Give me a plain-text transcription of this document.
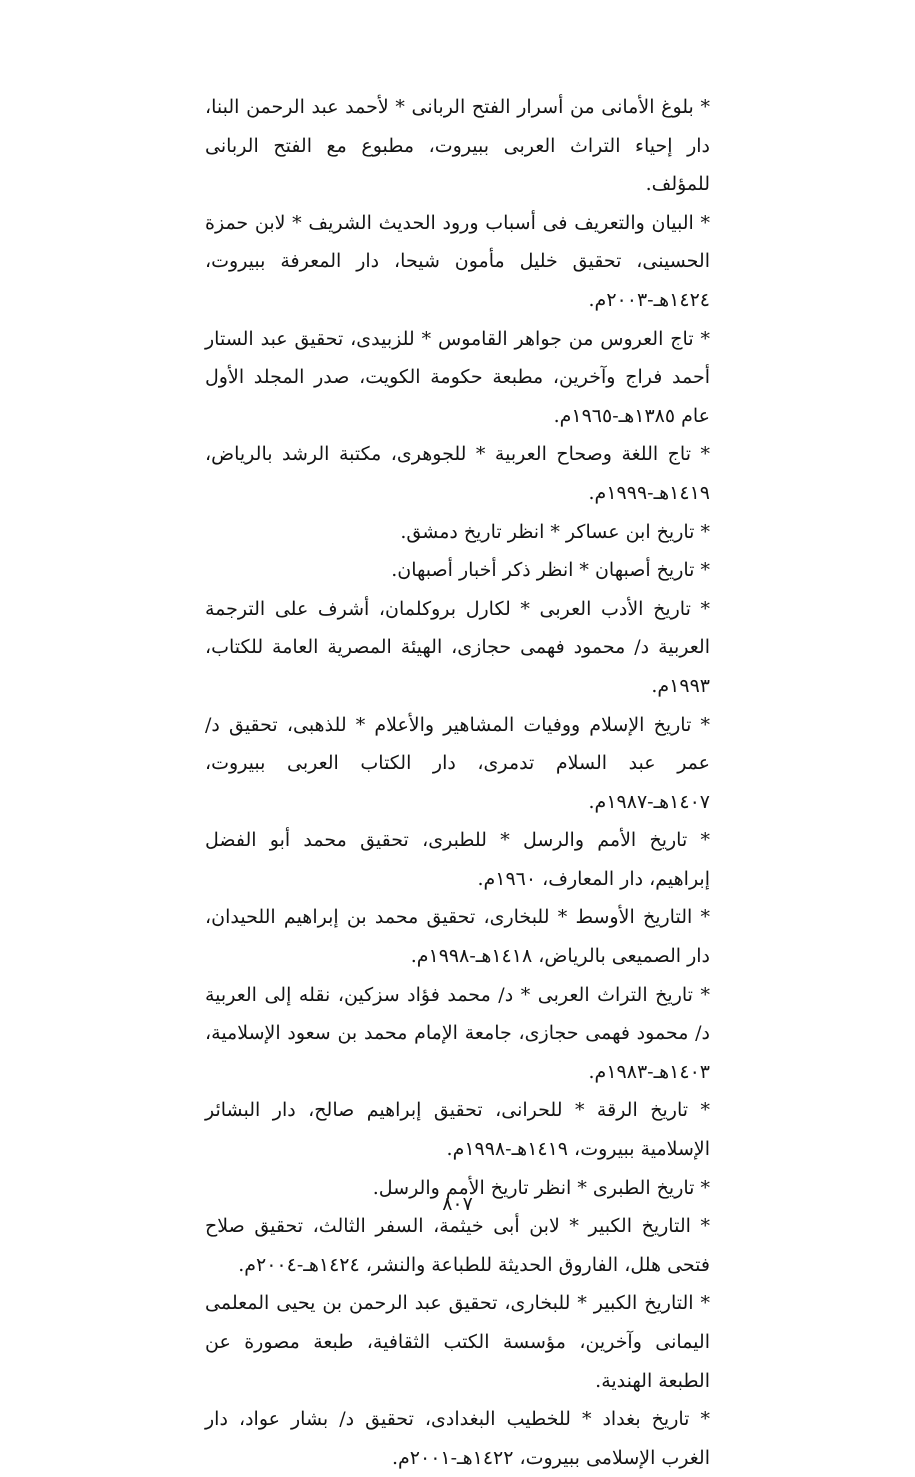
* بلوغ الأمانى من أسرار الفتح الربانى * لأحمد عبد الرحمن البنا، دار إحياء التراث العربى ببيروت، مطبوع مع الفتح الربانى للمؤلف.

* البيان والتعريف فى أسباب ورود الحديث الشريف * لابن حمزة الحسينى، تحقيق خليل مأمون شيحا، دار المعرفة ببيروت، ١٤٢٤هـ-٢٠٠٣م.

* تاج العروس من جواهر القاموس * للزبيدى، تحقيق عبد الستار أحمد فراج وآخرين، مطبعة حكومة الكويت، صدر المجلد الأول عام ١٣٨٥هـ-١٩٦٥م.

* تاج اللغة وصحاح العربية * للجوهرى، مكتبة الرشد بالرياض، ١٤١٩هـ-١٩٩٩م.

* تاريخ ابن عساكر * انظر تاريخ دمشق.

* تاريخ أصبهان * انظر ذكر أخبار أصبهان.

* تاريخ الأدب العربى * لكارل بروكلمان، أشرف على الترجمة العربية د/ محمود فهمى حجازى، الهيئة المصرية العامة للكتاب، ١٩٩٣م.

* تاريخ الإسلام ووفيات المشاهير والأعلام * للذهبى، تحقيق د/ عمر عبد السلام تدمرى، دار الكتاب العربى ببيروت، ١٤٠٧هـ-١٩٨٧م.

* تاريخ الأمم والرسل * للطبرى، تحقيق محمد أبو الفضل إبراهيم، دار المعارف، ١٩٦٠م.

* التاريخ الأوسط * للبخارى، تحقيق محمد بن إبراهيم اللحيدان، دار الصميعى بالرياض، ١٤١٨هـ-١٩٩٨م.

* تاريخ التراث العربى * د/ محمد فؤاد سزكين، نقله إلى العربية د/ محمود فهمى حجازى، جامعة الإمام محمد بن سعود الإسلامية، ١٤٠٣هـ-١٩٨٣م.

* تاريخ الرقة * للحرانى، تحقيق إبراهيم صالح، دار البشائر الإسلامية ببيروت، ١٤١٩هـ-١٩٩٨م.

* تاريخ الطبرى * انظر تاريخ الأمم والرسل.

* التاريخ الكبير * لابن أبى خيثمة، السفر الثالث، تحقيق صلاح فتحى هلل، الفاروق الحديثة للطباعة والنشر، ١٤٢٤هـ-٢٠٠٤م.

* التاريخ الكبير * للبخارى، تحقيق عبد الرحمن بن يحيى المعلمى اليمانى وآخرين، مؤسسة الكتب الثقافية، طبعة مصورة عن الطبعة الهندية.

* تاريخ بغداد * للخطيب البغدادى، تحقيق د/ بشار عواد، دار الغرب الإسلامى ببيروت، ١٤٢٢هـ-٢٠٠١م.

٨٠٧
